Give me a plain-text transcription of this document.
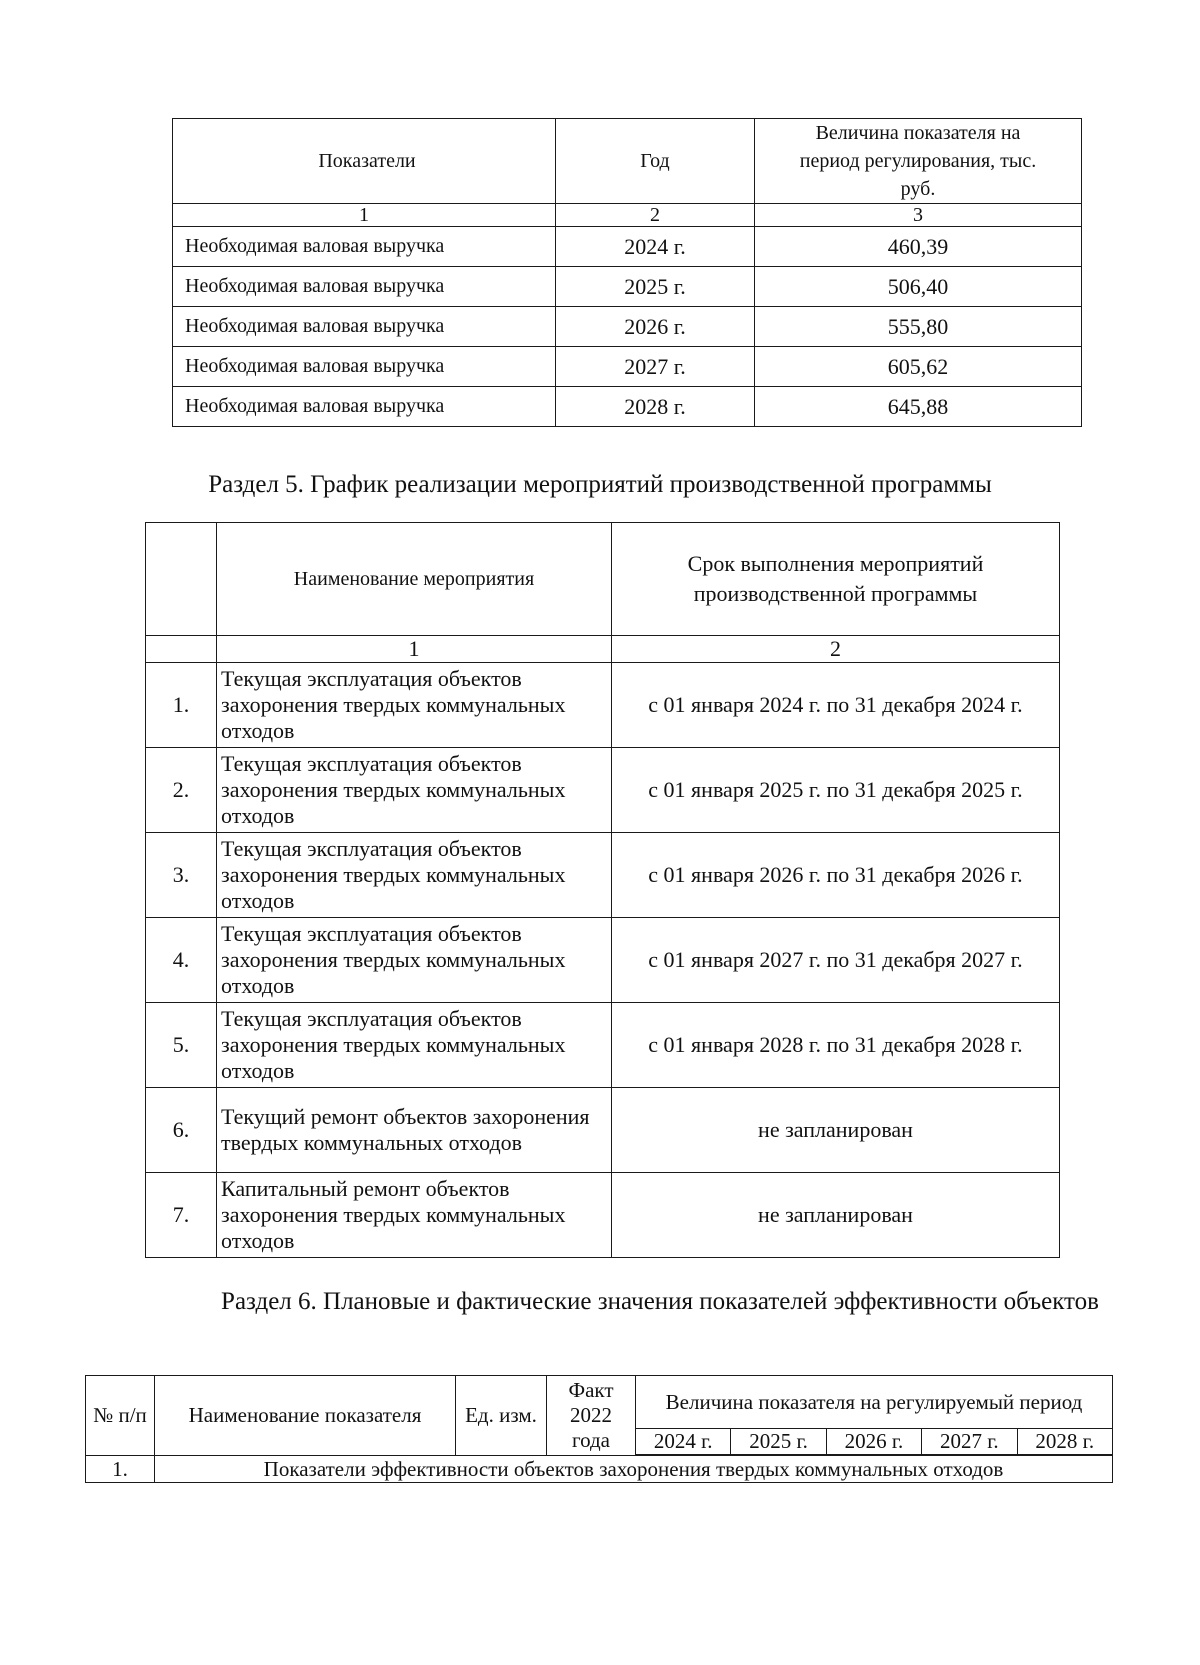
Показатели	Год	Величина показателя на период регулирования, тыс. руб.
1	2	3
Необходимая валовая выручка	2024 г.	460,39
Необходимая валовая выручка	2025 г.	506,40
Необходимая валовая выручка	2026 г.	555,80
Необходимая валовая выручка	2027 г.	605,62
Необходимая валовая выручка	2028 г.	645,88
Раздел 5. График реализации мероприятий производственной программы
	Наименование мероприятия	Срок выполнения мероприятий производственной программы
	1	2
1.	Текущая эксплуатация объектов захоронения твердых коммунальных отходов	с 01 января 2024 г. по 31 декабря 2024 г.
2.	Текущая эксплуатация объектов захоронения твердых коммунальных отходов	с 01 января 2025 г. по 31 декабря 2025 г.
3.	Текущая эксплуатация объектов захоронения твердых коммунальных отходов	с 01 января 2026 г. по 31 декабря 2026 г.
4.	Текущая эксплуатация объектов захоронения твердых коммунальных отходов	с 01 января 2027 г. по 31 декабря 2027 г.
5.	Текущая эксплуатация объектов захоронения твердых коммунальных отходов	с 01 января 2028 г. по 31 декабря 2028 г.
6.	Текущий ремонт объектов захоронения твердых коммунальных отходов	не запланирован
7.	Капитальный ремонт объектов захоронения твердых коммунальных отходов	не запланирован
Раздел 6. Плановые и фактические значения показателей эффективности объектов
№ п/п	Наименование показателя	Ед. изм.	Факт 2022 года	Величина показателя на регулируемый период				
				2024 г.	2025 г.	2026 г.	2027 г.	2028 г.

1.	Показатели эффективности объектов захоронения твердых коммунальных отходов							
